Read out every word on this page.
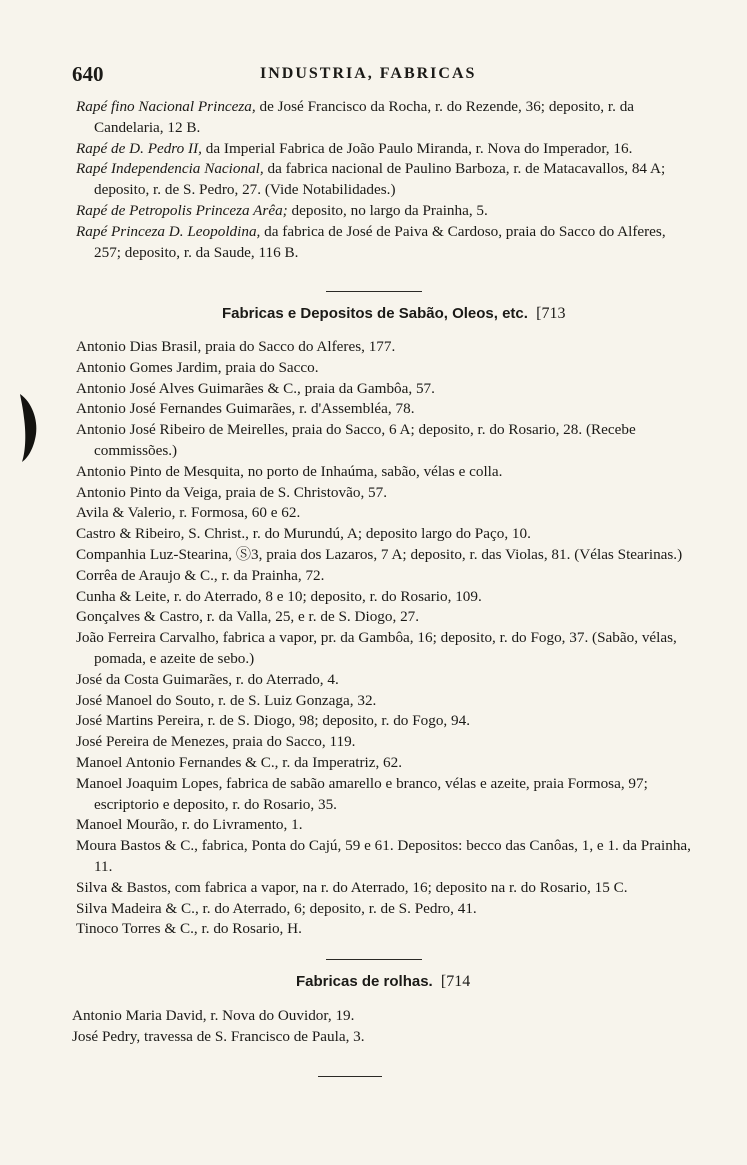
640	INDUSTRIA, FABRICAS

Rapé fino Nacional Princeza, de José Francisco da Rocha, r. do Rezende, 36; deposito, r. da Candelaria, 12 B.

Rapé de D. Pedro II, da Imperial Fabrica de João Paulo Miranda, r. Nova do Imperador, 16.

Rapé Independencia Nacional, da fabrica nacional de Paulino Barboza, r. de Matacavallos, 84 A; deposito, r. de S. Pedro, 27. (Vide Notabilidades.)

Rapé de Petropolis Princeza Arêa; deposito, no largo da Prainha, 5.

Rapé Princeza D. Leopoldina, da fabrica de José de Paiva & Cardoso, praia do Sacco do Alferes, 257; deposito, r. da Saude, 116 B.

Fabricas e Depositos de Sabão, Oleos, etc. [713

Antonio Dias Brasil, praia do Sacco do Alferes, 177.

Antonio Gomes Jardim, praia do Sacco.

Antonio José Alves Guimarães & C., praia da Gambôa, 57.

Antonio José Fernandes Guimarães, r. d'Assembléa, 78.

Antonio José Ribeiro de Meirelles, praia do Sacco, 6 A; deposito, r. do Rosario, 28. (Recebe commissões.)

Antonio Pinto de Mesquita, no porto de Inhaúma, sabão, vélas e colla.

Antonio Pinto da Veiga, praia de S. Christovão, 57.

Avila & Valerio, r. Formosa, 60 e 62.

Castro & Ribeiro, S. Christ., r. do Murundú, A; deposito largo do Paço, 10.

Companhia Luz-Stearina, Ⓢ3, praia dos Lazaros, 7 A; deposito, r. das Violas, 81. (Vélas Stearinas.)

Corrêa de Araujo & C., r. da Prainha, 72.

Cunha & Leite, r. do Aterrado, 8 e 10; deposito, r. do Rosario, 109.

Gonçalves & Castro, r. da Valla, 25, e r. de S. Diogo, 27.

João Ferreira Carvalho, fabrica a vapor, pr. da Gambôa, 16; deposito, r. do Fogo, 37. (Sabão, vélas, pomada, e azeite de sebo.)

José da Costa Guimarães, r. do Aterrado, 4.

José Manoel do Souto, r. de S. Luiz Gonzaga, 32.

José Martins Pereira, r. de S. Diogo, 98; deposito, r. do Fogo, 94.

José Pereira de Menezes, praia do Sacco, 119.

Manoel Antonio Fernandes & C., r. da Imperatriz, 62.

Manoel Joaquim Lopes, fabrica de sabão amarello e branco, vélas e azeite, praia Formosa, 97; escriptorio e deposito, r. do Rosario, 35.

Manoel Mourão, r. do Livramento, 1.

Moura Bastos & C., fabrica, Ponta do Cajú, 59 e 61. Depositos: becco das Canôas, 1, e 1. da Prainha, 11.

Silva & Bastos, com fabrica a vapor, na r. do Aterrado, 16; deposito na r. do Rosario, 15 C.

Silva Madeira & C., r. do Aterrado, 6; deposito, r. de S. Pedro, 41.

Tinoco Torres & C., r. do Rosario, H.

Fabricas de rolhas. [714

Antonio Maria David, r. Nova do Ouvidor, 19.

José Pedry, travessa de S. Francisco de Paula, 3.
